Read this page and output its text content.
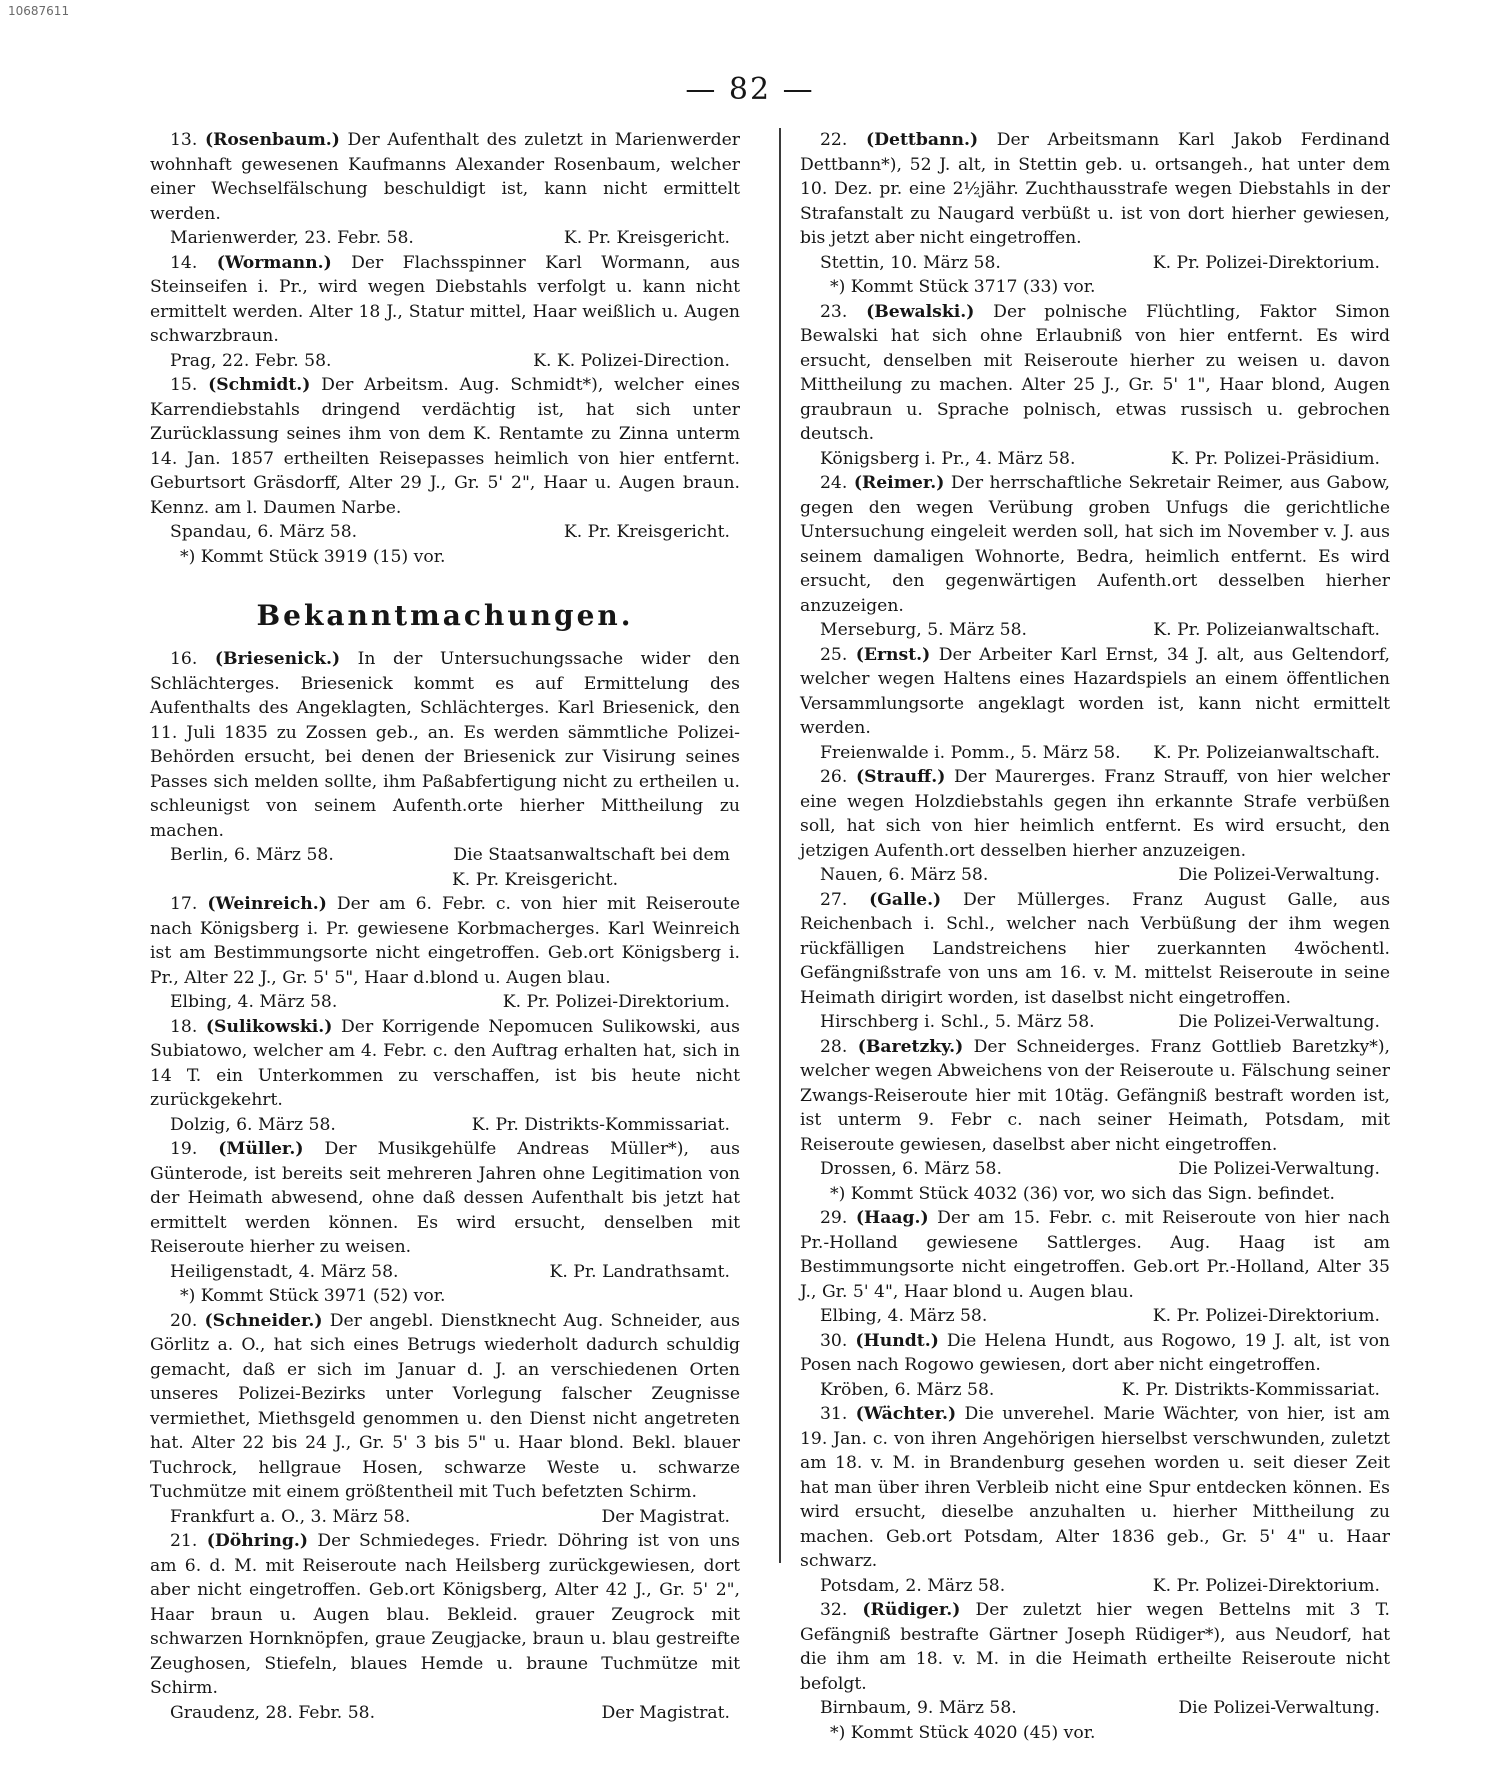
10687611
— 82 —

13. (Rosenbaum.) Der Aufenthalt des zuletzt in Marienwerder wohnhaft gewesenen Kaufmanns Alexander Rosenbaum, welcher einer Wechselfälschung beschuldigt ist, kann nicht ermittelt werden.

Marienwerder, 23. Febr. 58.	K. Pr. Kreisgericht.

14. (Wormann.) Der Flachsspinner Karl Wormann, aus Steinseifen i. Pr., wird wegen Diebstahls verfolgt u. kann nicht ermittelt werden. Alter 18 J., Statur mittel, Haar weißlich u. Augen schwarzbraun.

Prag, 22. Febr. 58.	K. K. Polizei-Direction.

15. (Schmidt.) Der Arbeitsm. Aug. Schmidt*), welcher eines Karrendiebstahls dringend verdächtig ist, hat sich unter Zurücklassung seines ihm von dem K. Rentamte zu Zinna unterm 14. Jan. 1857 ertheilten Reisepasses heimlich von hier entfernt. Geburtsort Gräsdorff, Alter 29 J., Gr. 5' 2", Haar u. Augen braun. Kennz. am l. Daumen Narbe.

Spandau, 6. März 58.	K. Pr. Kreisgericht.

*) Kommt Stück 3919 (15) vor.

Bekanntmachungen.

16. (Briesenick.) In der Untersuchungssache wider den Schlächterges. Briesenick kommt es auf Ermittelung des Aufenthalts des Angeklagten, Schlächterges. Karl Briesenick, den 11. Juli 1835 zu Zossen geb., an. Es werden sämmtliche Polizei-Behörden ersucht, bei denen der Briesenick zur Visirung seines Passes sich melden sollte, ihm Paßabfertigung nicht zu ertheilen u. schleunigst von seinem Aufenth.orte hierher Mittheilung zu machen.

Berlin, 6. März 58.	Die Staatsanwaltschaft bei dem
K. Pr. Kreisgericht.

17. (Weinreich.) Der am 6. Febr. c. von hier mit Reiseroute nach Königsberg i. Pr. gewiesene Korbmacherges. Karl Weinreich ist am Bestimmungsorte nicht eingetroffen. Geb.ort Königsberg i. Pr., Alter 22 J., Gr. 5' 5", Haar d.blond u. Augen blau.

Elbing, 4. März 58.	K. Pr. Polizei-Direktorium.

18. (Sulikowski.) Der Korrigende Nepomucen Sulikowski, aus Subiatowo, welcher am 4. Febr. c. den Auftrag erhalten hat, sich in 14 T. ein Unterkommen zu verschaffen, ist bis heute nicht zurückgekehrt.

Dolzig, 6. März 58.	K. Pr. Distrikts-Kommissariat.

19. (Müller.) Der Musikgehülfe Andreas Müller*), aus Günterode, ist bereits seit mehreren Jahren ohne Legitimation von der Heimath abwesend, ohne daß dessen Aufenthalt bis jetzt hat ermittelt werden können. Es wird ersucht, denselben mit Reiseroute hierher zu weisen.

Heiligenstadt, 4. März 58.	K. Pr. Landrathsamt.

*) Kommt Stück 3971 (52) vor.

20. (Schneider.) Der angebl. Dienstknecht Aug. Schneider, aus Görlitz a. O., hat sich eines Betrugs wiederholt dadurch schuldig gemacht, daß er sich im Januar d. J. an verschiedenen Orten unseres Polizei-Bezirks unter Vorlegung falscher Zeugnisse vermiethet, Miethsgeld genommen u. den Dienst nicht angetreten hat. Alter 22 bis 24 J., Gr. 5' 3 bis 5" u. Haar blond. Bekl. blauer Tuchrock, hellgraue Hosen, schwarze Weste u. schwarze Tuchmütze mit einem größtentheil mit Tuch befetzten Schirm.

Frankfurt a. O., 3. März 58.	Der Magistrat.

21. (Döhring.) Der Schmiedeges. Friedr. Döhring ist von uns am 6. d. M. mit Reiseroute nach Heilsberg zurückgewiesen, dort aber nicht eingetroffen. Geb.ort Königsberg, Alter 42 J., Gr. 5' 2", Haar braun u. Augen blau. Bekleid. grauer Zeugrock mit schwarzen Hornknöpfen, graue Zeugjacke, braun u. blau gestreifte Zeughosen, Stiefeln, blaues Hemde u. braune Tuchmütze mit Schirm.

Graudenz, 28. Febr. 58.	Der Magistrat.

22. (Dettbann.) Der Arbeitsmann Karl Jakob Ferdinand Dettbann*), 52 J. alt, in Stettin geb. u. ortsangeh., hat unter dem 10. Dez. pr. eine 2½jähr. Zuchthausstrafe wegen Diebstahls in der Strafanstalt zu Naugard verbüßt u. ist von dort hierher gewiesen, bis jetzt aber nicht eingetroffen.

Stettin, 10. März 58.	K. Pr. Polizei-Direktorium.

*) Kommt Stück 3717 (33) vor.

23. (Bewalski.) Der polnische Flüchtling, Faktor Simon Bewalski hat sich ohne Erlaubniß von hier entfernt. Es wird ersucht, denselben mit Reiseroute hierher zu weisen u. davon Mittheilung zu machen. Alter 25 J., Gr. 5' 1", Haar blond, Augen graubraun u. Sprache polnisch, etwas russisch u. gebrochen deutsch.

Königsberg i. Pr., 4. März 58.	K. Pr. Polizei-Präsidium.

24. (Reimer.) Der herrschaftliche Sekretair Reimer, aus Gabow, gegen den wegen Verübung groben Unfugs die gerichtliche Untersuchung eingeleit werden soll, hat sich im November v. J. aus seinem damaligen Wohnorte, Bedra, heimlich entfernt. Es wird ersucht, den gegenwärtigen Aufenth.ort desselben hierher anzuzeigen.

Merseburg, 5. März 58.	K. Pr. Polizeianwaltschaft.

25. (Ernst.) Der Arbeiter Karl Ernst, 34 J. alt, aus Geltendorf, welcher wegen Haltens eines Hazardspiels an einem öffentlichen Versammlungsorte angeklagt worden ist, kann nicht ermittelt werden.

Freienwalde i. Pomm., 5. März 58. K. Pr. Polizeianwaltschaft.

26. (Strauff.) Der Maurerges. Franz Strauff, von hier welcher eine wegen Holzdiebstahls gegen ihn erkannte Strafe verbüßen soll, hat sich von hier heimlich entfernt. Es wird ersucht, den jetzigen Aufenth.ort desselben hierher anzuzeigen.

Nauen, 6. März 58.	Die Polizei-Verwaltung.

27. (Galle.) Der Müllerges. Franz August Galle, aus Reichenbach i. Schl., welcher nach Verbüßung der ihm wegen rückfälligen Landstreichens hier zuerkannten 4wöchentl. Gefängnißstrafe von uns am 16. v. M. mittelst Reiseroute in seine Heimath dirigirt worden, ist daselbst nicht eingetroffen.

Hirschberg i. Schl., 5. März 58.	Die Polizei-Verwaltung.

28. (Baretzky.) Der Schneiderges. Franz Gottlieb Baretzky*), welcher wegen Abweichens von der Reiseroute u. Fälschung seiner Zwangs-Reiseroute hier mit 10täg. Gefängniß bestraft worden ist, ist unterm 9. Febr c. nach seiner Heimath, Potsdam, mit Reiseroute gewiesen, daselbst aber nicht eingetroffen.

Drossen, 6. März 58.	Die Polizei-Verwaltung.

*) Kommt Stück 4032 (36) vor, wo sich das Sign. befindet.

29. (Haag.) Der am 15. Febr. c. mit Reiseroute von hier nach Pr.-Holland gewiesene Sattlerges. Aug. Haag ist am Bestimmungsorte nicht eingetroffen. Geb.ort Pr.-Holland, Alter 35 J., Gr. 5' 4", Haar blond u. Augen blau.

Elbing, 4. März 58.	K. Pr. Polizei-Direktorium.

30. (Hundt.) Die Helena Hundt, aus Rogowo, 19 J. alt, ist von Posen nach Rogowo gewiesen, dort aber nicht eingetroffen.

Kröben, 6. März 58.	K. Pr. Distrikts-Kommissariat.

31. (Wächter.) Die unverehel. Marie Wächter, von hier, ist am 19. Jan. c. von ihren Angehörigen hierselbst verschwunden, zuletzt am 18. v. M. in Brandenburg gesehen worden u. seit dieser Zeit hat man über ihren Verbleib nicht eine Spur entdecken können. Es wird ersucht, dieselbe anzuhalten u. hierher Mittheilung zu machen. Geb.ort Potsdam, Alter 1836 geb., Gr. 5' 4" u. Haar schwarz.

Potsdam, 2. März 58.	K. Pr. Polizei-Direktorium.

32. (Rüdiger.) Der zuletzt hier wegen Bettelns mit 3 T. Gefängniß bestrafte Gärtner Joseph Rüdiger*), aus Neudorf, hat die ihm am 18. v. M. in die Heimath ertheilte Reiseroute nicht befolgt.

Birnbaum, 9. März 58.	Die Polizei-Verwaltung.

*) Kommt Stück 4020 (45) vor.
